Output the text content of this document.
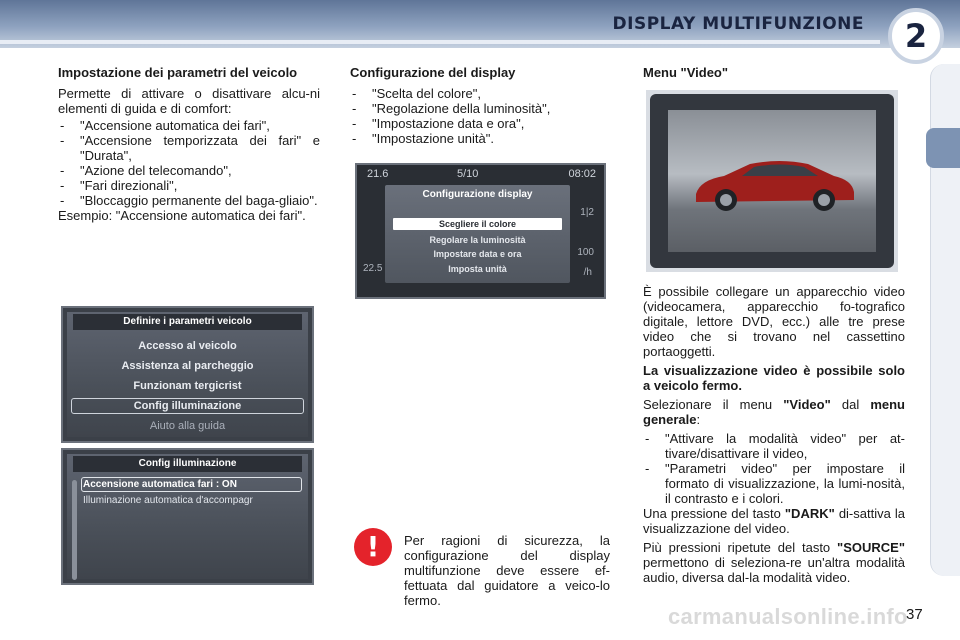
DISPLAY MULTIFUNZIONE 2
Impostazione dei parametri del veicolo

Permette di attivare o disattivare alcu-ni elementi di guida e di comfort:

- "Accensione automatica dei fari",
- "Accensione temporizzata dei fari" e "Durata",
- "Azione del telecomando",
- "Fari direzionali",
- "Bloccaggio permanente del baga-gliaio".

Esempio: "Accensione automatica dei fari".

Definire i parametri veicolo
Accesso al veicolo
Assistenza al parcheggio
Funzionam tergicrist
Config illuminazione
Aiuto alla guida
Config illuminazione
Accensione automatica fari : ON
Illuminazione automatica d'accompagr
Configurazione del display
- "Scelta del colore",
- "Regolazione della luminosità",
- "Impostazione data e ora",
- "Impostazione unità".
21.6	5/10	08:02
Configurazione display
Scegliere il colore
Regolare la luminosità
Impostare data e ora
Imposta unità
1|2
100
/h
22.5
Menu "Video"

È possibile collegare un apparecchio video (videocamera, apparecchio fo-tografico digitale, lettore DVD, ecc.) alle tre prese video che si trovano nel cassettino portaoggetti.

La visualizzazione video è possibile solo a veicolo fermo.

Selezionare il menu "Video" dal menu generale:

- "Attivare la modalità video" per at-tivare/disattivare il video,
- "Parametri video" per impostare il formato di visualizzazione, la lumi-nosità, il contrasto e i colori.

Una pressione del tasto "DARK" di-sattiva la visualizzazione del video.

Più pressioni ripetute del tasto "SOURCE" permettono di seleziona-re un'altra modalità audio, diversa dal-la modalità video.

! Per ragioni di sicurezza, la configurazione del display multifunzione deve essere ef-fettuata dal guidatore a veico-lo fermo.
carmanualsonline.info
37
